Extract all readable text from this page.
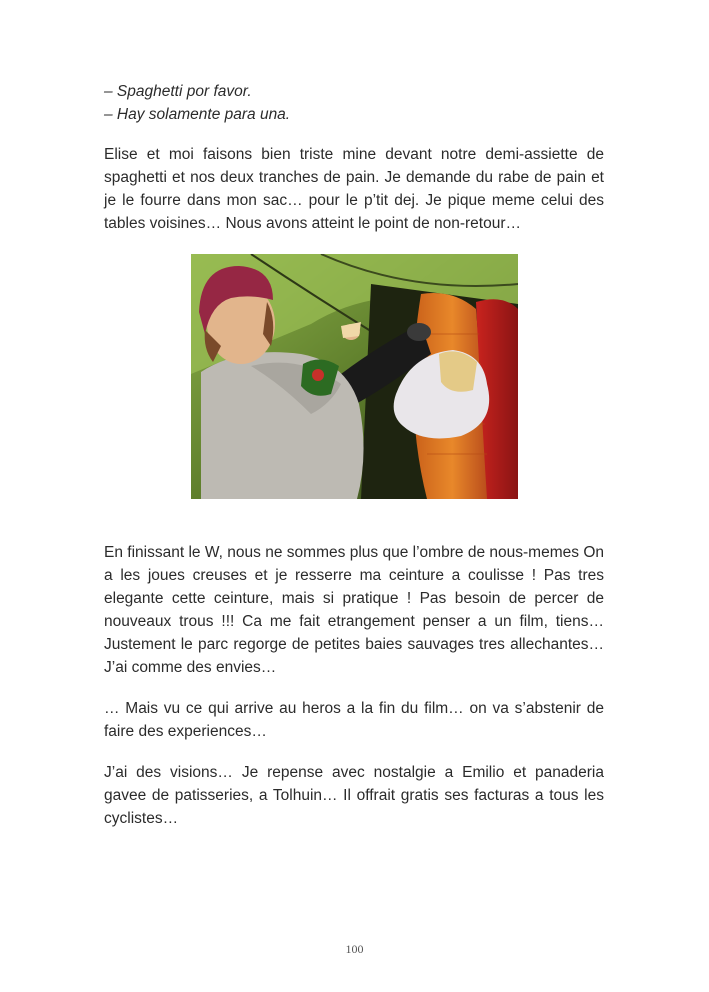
– Spaghetti por favor.
– Hay solamente para una.

Elise et moi faisons bien triste mine devant notre demi-assiette de spaghetti et nos deux tranches de pain. Je demande du rabe de pain et je le fourre dans mon sac… pour le p’tit dej. Je pique meme celui des tables voisines… Nous avons atteint le point de non-retour…

En finissant le W, nous ne sommes plus que l’ombre de nous-memes On a les joues creuses et je resserre ma ceinture a coulisse ! Pas tres elegante cette ceinture, mais si pratique ! Pas besoin de percer de nouveaux trous !!! Ca me fait etrangement penser a un film, tiens… Justement le parc regorge de petites baies sauvages tres allechantes… J’ai comme des envies…

… Mais vu ce qui arrive au heros a la fin du film… on va s’abstenir de faire des experiences…

J’ai des visions… Je repense avec nostalgie a Emilio et panaderia gavee de patisseries, a Tolhuin… Il offrait gratis ses facturas a tous les cyclistes…

100
